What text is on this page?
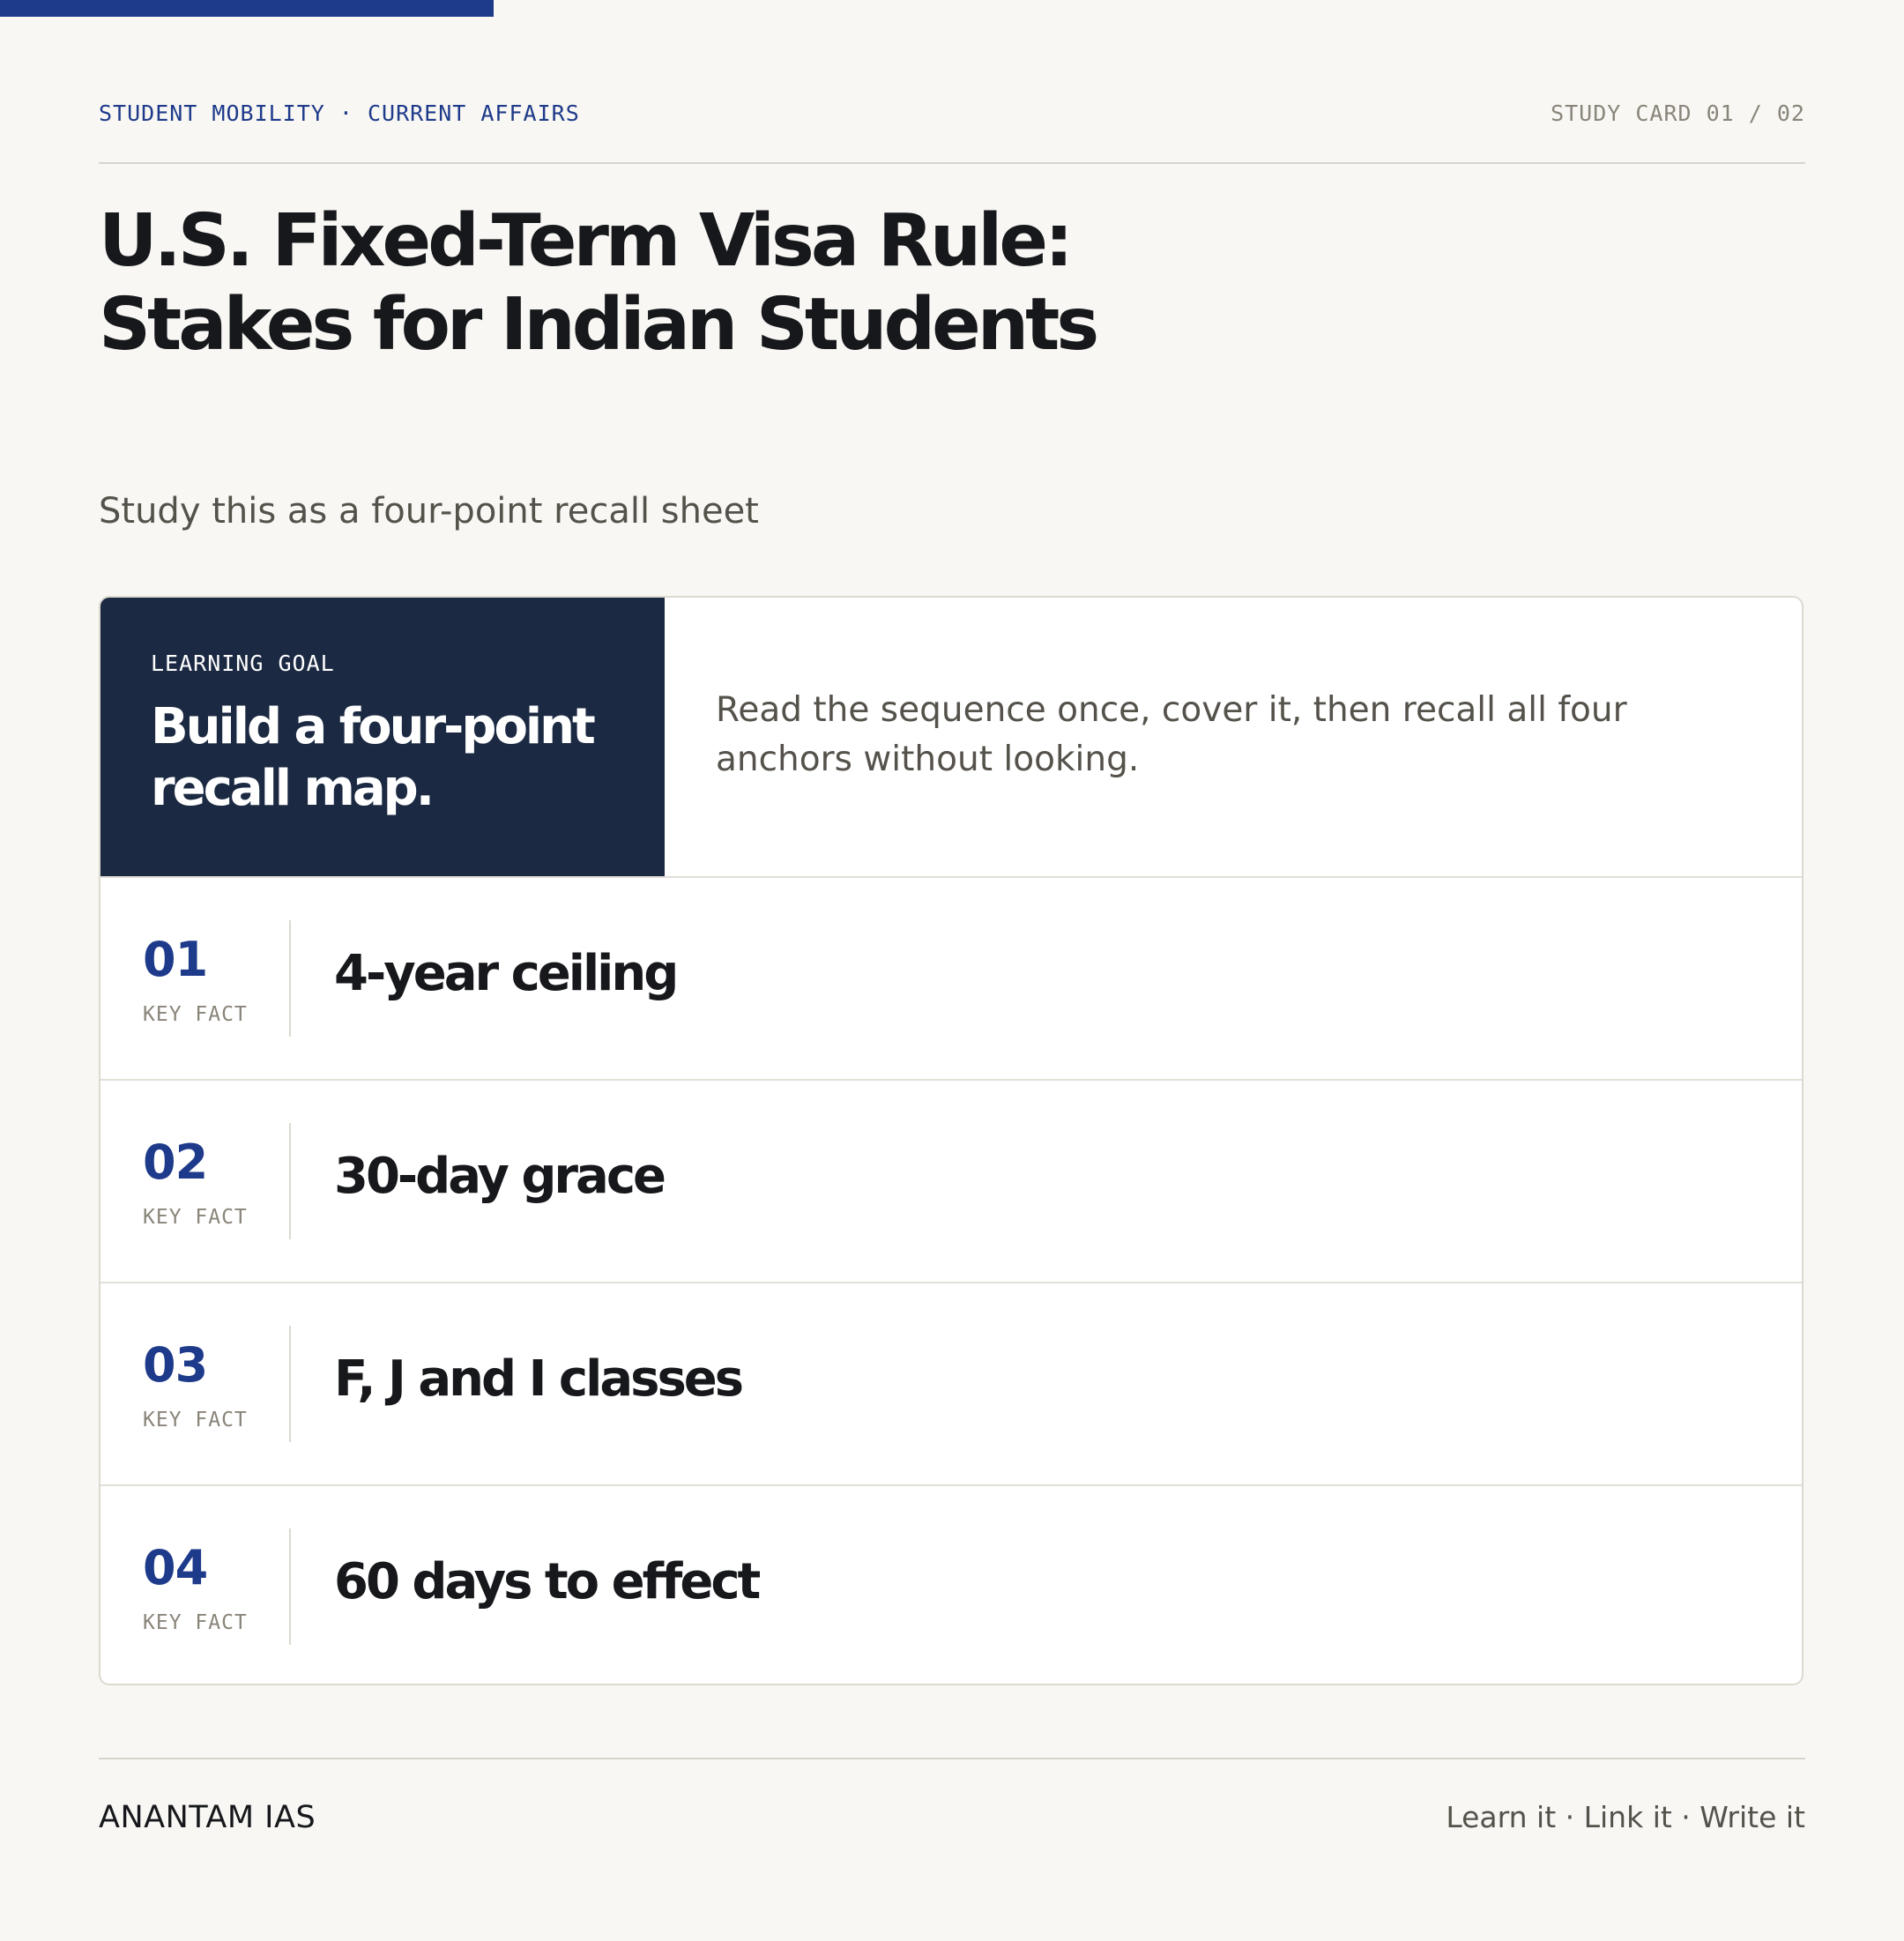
STUDENT MOBILITY · CURRENT AFFAIRS	STUDY CARD 01 / 02
U.S. Fixed-Term Visa Rule: Stakes for Indian Students
Study this as a four-point recall sheet
LEARNING GOAL
Build a four-point recall map.
Read the sequence once, cover it, then recall all four anchors without looking.
01
KEY FACT
4-year ceiling
02
KEY FACT
30-day grace
03
KEY FACT
F, J and I classes
04
KEY FACT
60 days to effect
ANANTAM IAS	Learn it · Link it · Write it
